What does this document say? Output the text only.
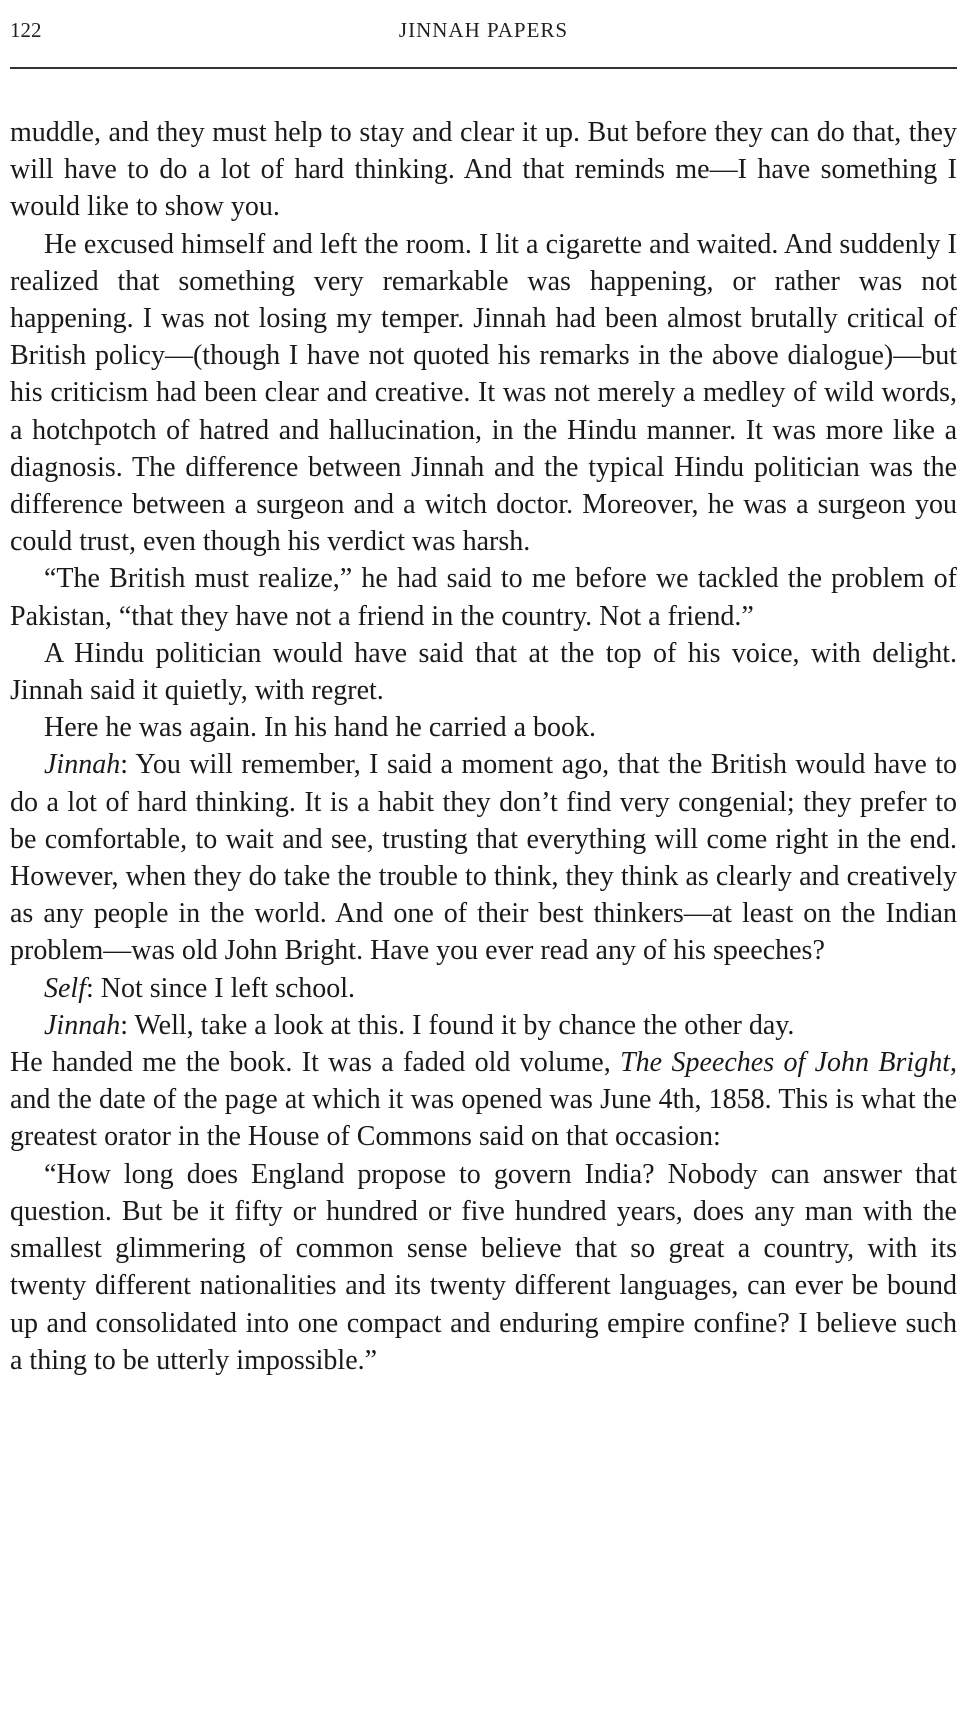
122	JINNAH PAPERS

muddle, and they must help to stay and clear it up. But before they can do that, they will have to do a lot of hard thinking. And that reminds me—I have something I would like to show you.

He excused himself and left the room. I lit a cigarette and waited. And suddenly I realized that something very remarkable was happening, or rather was not happening. I was not losing my temper. Jinnah had been almost brutally critical of British policy—(though I have not quoted his remarks in the above dialogue)—but his criticism had been clear and creative. It was not merely a medley of wild words, a hotchpotch of hatred and hallucination, in the Hindu manner. It was more like a diagnosis. The difference between Jinnah and the typical Hindu politician was the difference between a surgeon and a witch doctor. Moreover, he was a surgeon you could trust, even though his verdict was harsh.

“The British must realize,” he had said to me before we tackled the problem of Pakistan, “that they have not a friend in the country. Not a friend.”

A Hindu politician would have said that at the top of his voice, with delight. Jinnah said it quietly, with regret.

Here he was again. In his hand he carried a book.

Jinnah: You will remember, I said a moment ago, that the British would have to do a lot of hard thinking. It is a habit they don’t find very congenial; they prefer to be comfortable, to wait and see, trusting that everything will come right in the end. However, when they do take the trouble to think, they think as clearly and creatively as any people in the world. And one of their best thinkers—at least on the Indian problem—was old John Bright. Have you ever read any of his speeches?

Self: Not since I left school.

Jinnah: Well, take a look at this. I found it by chance the other day.

He handed me the book. It was a faded old volume, The Speeches of John Bright, and the date of the page at which it was opened was June 4th, 1858. This is what the greatest orator in the House of Commons said on that occasion:

“How long does England propose to govern India? Nobody can answer that question. But be it fifty or hundred or five hundred years, does any man with the smallest glimmering of common sense believe that so great a country, with its twenty different nationalities and its twenty different languages, can ever be bound up and consolidated into one compact and enduring empire confine? I believe such a thing to be utterly impossible.”
